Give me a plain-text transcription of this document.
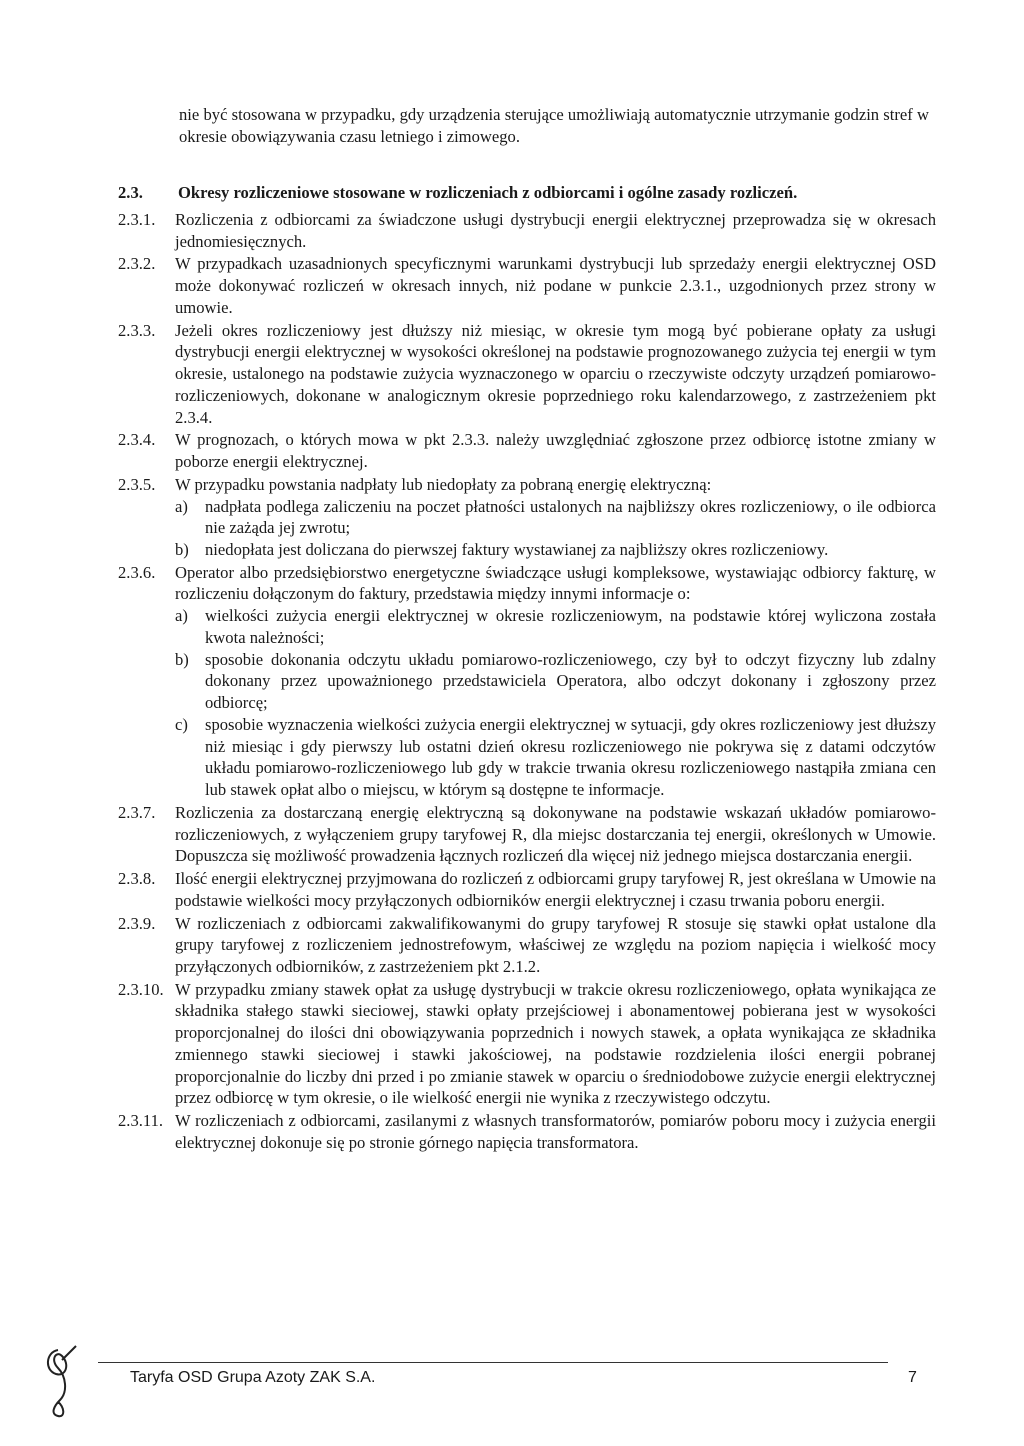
nie być stosowana w przypadku, gdy urządzenia sterujące umożliwiają automatycznie utrzymanie godzin stref w okresie obowiązywania czasu letniego i zimowego.
2.3. Okresy rozliczeniowe stosowane w rozliczeniach z odbiorcami i ogólne zasady rozliczeń.
2.3.1.	Rozliczenia z odbiorcami za świadczone usługi dystrybucji energii elektrycznej przeprowadza się w okresach jednomiesięcznych.
2.3.2.	W przypadkach uzasadnionych specyficznymi warunkami dystrybucji lub sprzedaży energii elektrycznej OSD może dokonywać rozliczeń w okresach innych, niż podane w punkcie 2.3.1., uzgodnionych przez strony w umowie.
2.3.3.	Jeżeli okres rozliczeniowy jest dłuższy niż miesiąc, w okresie tym mogą być pobierane opłaty za usługi dystrybucji energii elektrycznej w wysokości określonej na podstawie prognozowanego zużycia tej energii w tym okresie, ustalonego na podstawie zużycia wyznaczonego w oparciu o rzeczywiste odczyty urządzeń pomiarowo-rozliczeniowych, dokonane w analogicznym okresie poprzedniego roku kalendarzowego, z zastrzeżeniem pkt 2.3.4.
2.3.4.	W prognozach, o których mowa w pkt 2.3.3. należy uwzględniać zgłoszone przez odbiorcę istotne zmiany w poborze energii elektrycznej.
2.3.5.	W przypadku powstania nadpłaty lub niedopłaty za pobraną energię elektryczną:
a)	nadpłata podlega zaliczeniu na poczet płatności ustalonych na najbliższy okres rozliczeniowy, o ile odbiorca nie zażąda jej zwrotu;
b) niedopłata jest doliczana do pierwszej faktury wystawianej za najbliższy okres rozliczeniowy.
2.3.6.	Operator albo przedsiębiorstwo energetyczne świadczące usługi kompleksowe, wystawiając odbiorcy fakturę, w rozliczeniu dołączonym do faktury, przedstawia między innymi informacje o:
a)	wielkości zużycia energii elektrycznej w okresie rozliczeniowym, na podstawie której wyliczona została kwota należności;
b) sposobie dokonania odczytu układu pomiarowo-rozliczeniowego, czy był to odczyt fizyczny lub zdalny dokonany przez upoważnionego przedstawiciela Operatora, albo odczyt dokonany i zgłoszony przez odbiorcę;
c)	sposobie wyznaczenia wielkości zużycia energii elektrycznej w sytuacji, gdy okres rozliczeniowy jest dłuższy niż miesiąc i gdy pierwszy lub ostatni dzień okresu rozliczeniowego nie pokrywa się z datami odczytów układu pomiarowo-rozliczeniowego lub gdy w trakcie trwania okresu rozliczeniowego nastąpiła zmiana cen lub stawek opłat albo o miejscu, w którym są dostępne te informacje.
2.3.7.	Rozliczenia za dostarczaną energię elektryczną są dokonywane na podstawie wskazań układów pomiarowo-rozliczeniowych, z wyłączeniem grupy taryfowej R, dla miejsc dostarczania tej energii, określonych w Umowie. Dopuszcza się możliwość prowadzenia łącznych rozliczeń dla więcej niż jednego miejsca dostarczania energii.
2.3.8.	Ilość energii elektrycznej przyjmowana do rozliczeń z odbiorcami grupy taryfowej R, jest określana w Umowie na podstawie wielkości mocy przyłączonych odbiorników energii elektrycznej i czasu trwania poboru energii.
2.3.9.	W rozliczeniach z odbiorcami zakwalifikowanymi do grupy taryfowej R stosuje się stawki opłat ustalone dla grupy taryfowej z rozliczeniem jednostrefowym, właściwej ze względu na poziom napięcia i wielkość mocy przyłączonych odbiorników, z zastrzeżeniem pkt 2.1.2.
2.3.10. W przypadku zmiany stawek opłat za usługę dystrybucji w trakcie okresu rozliczeniowego, opłata wynikająca ze składnika stałego stawki sieciowej, stawki opłaty przejściowej i abonamentowej pobierana jest w wysokości proporcjonalnej do ilości dni obowiązywania poprzednich i nowych stawek, a opłata wynikająca ze składnika zmiennego stawki sieciowej i stawki jakościowej, na podstawie rozdzielenia ilości energii pobranej proporcjonalnie do liczby dni przed i po zmianie stawek w oparciu o średniodobowe zużycie energii elektrycznej przez odbiorcę w tym okresie, o ile wielkość energii nie wynika z rzeczywistego odczytu.
2.3.11. W rozliczeniach z odbiorcami, zasilanymi z własnych transformatorów, pomiarów poboru mocy i zużycia energii elektrycznej dokonuje się po stronie górnego napięcia transformatora.
Taryfa OSD Grupa Azoty ZAK S.A.	7
